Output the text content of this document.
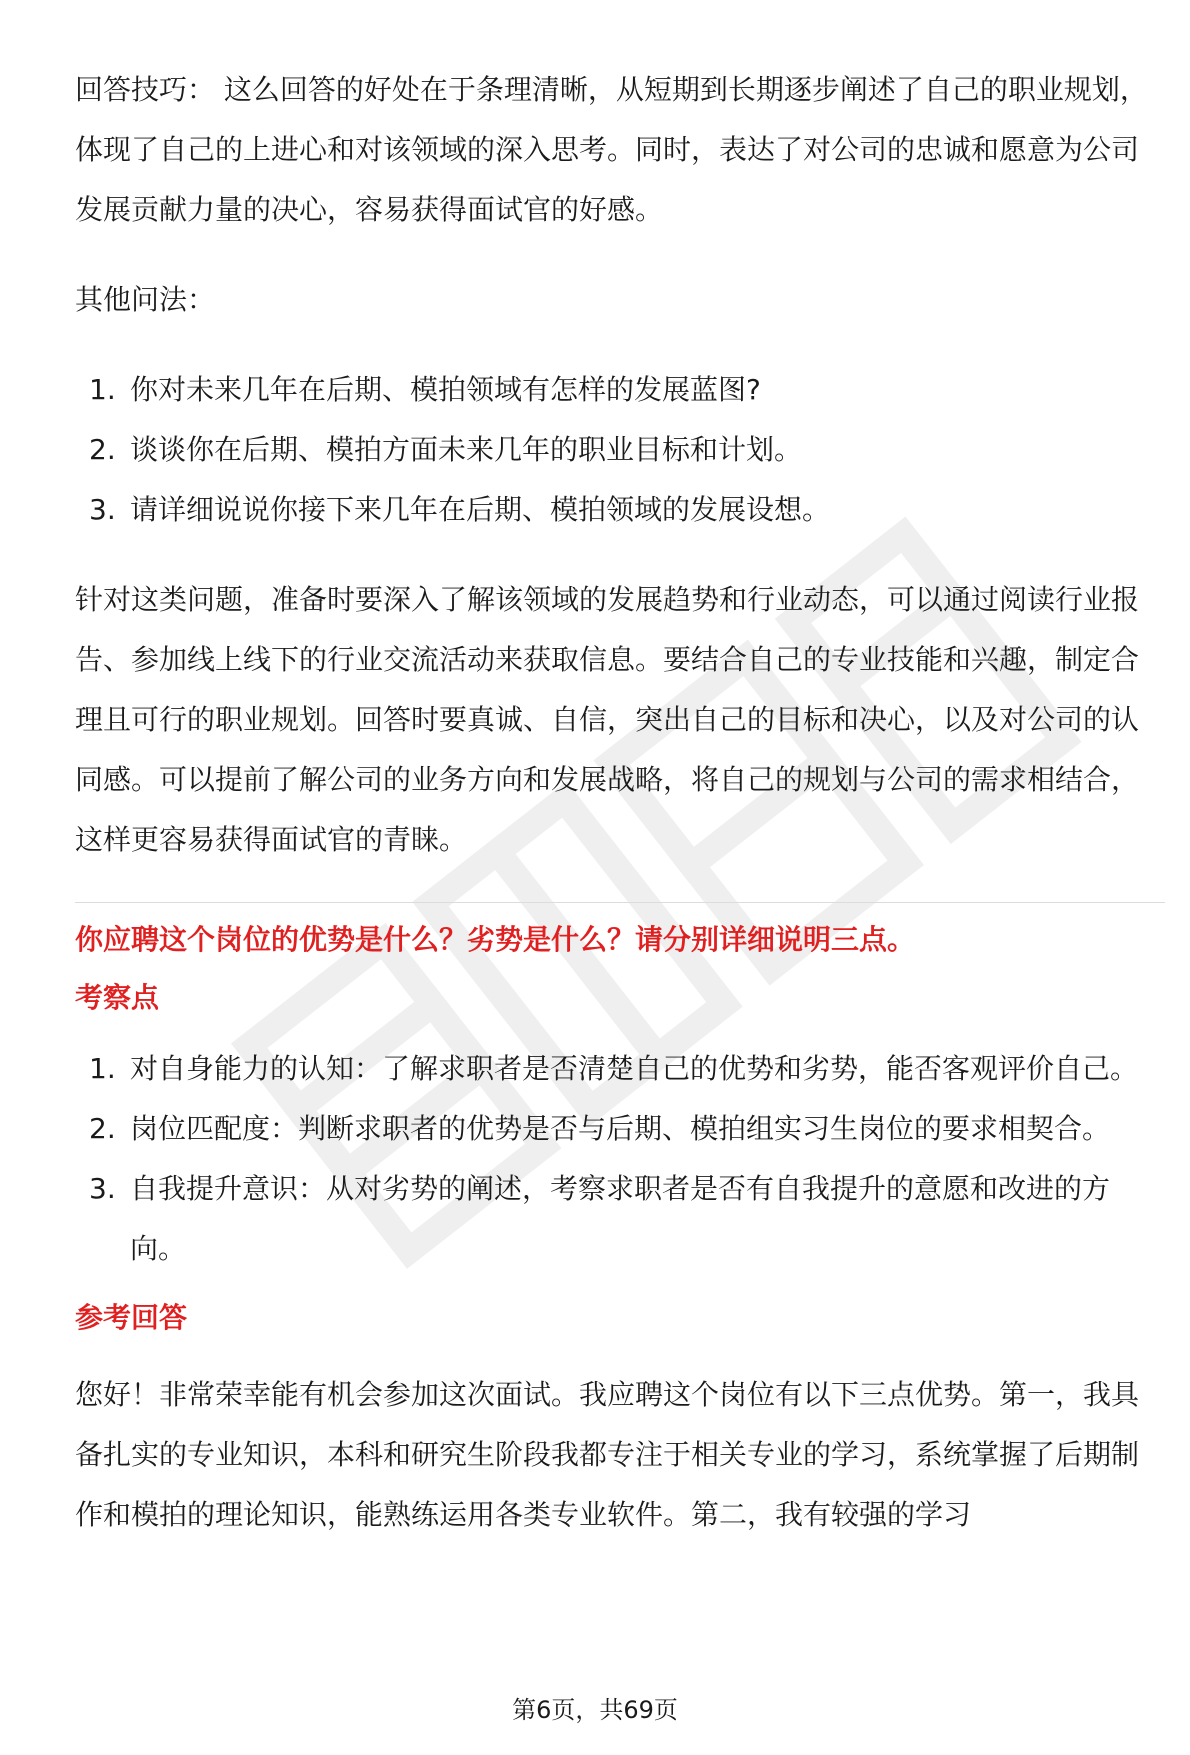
回答技巧： 这么回答的好处在于条理清晰，从短期到长期逐步阐述了自己的职业规划，体现了自己的上进心和对该领域的深入思考。同时，表达了对公司的忠诚和愿意为公司发展贡献力量的决心，容易获得面试官的好感。

其他问法：

1. 你对未来几年在后期、模拍领域有怎样的发展蓝图?
2. 谈谈你在后期、模拍方面未来几年的职业目标和计划。
3. 请详细说说你接下来几年在后期、模拍领域的发展设想。

针对这类问题，准备时要深入了解该领域的发展趋势和行业动态，可以通过阅读行业报告、参加线上线下的行业交流活动来获取信息。要结合自己的专业技能和兴趣，制定合理且可行的职业规划。回答时要真诚、自信，突出自己的目标和决心，以及对公司的认同感。可以提前了解公司的业务方向和发展战略，将自己的规划与公司的需求相结合，这样更容易获得面试官的青睐。

你应聘这个岗位的优势是什么？劣势是什么？请分别详细说明三点。

考察点

1. 对自身能力的认知：了解求职者是否清楚自己的优势和劣势，能否客观评价自己。
2. 岗位匹配度：判断求职者的优势是否与后期、模拍组实习生岗位的要求相契合。
3. 自我提升意识：从对劣势的阐述，考察求职者是否有自我提升的意愿和改进的方向。

参考回答

您好！非常荣幸能有机会参加这次面试。我应聘这个岗位有以下三点优势。第一，我具备扎实的专业知识，本科和研究生阶段我都专注于相关专业的学习，系统掌握了后期制作和模拍的理论知识，能熟练运用各类专业软件。第二，我有较强的学习

第6页，共69页
